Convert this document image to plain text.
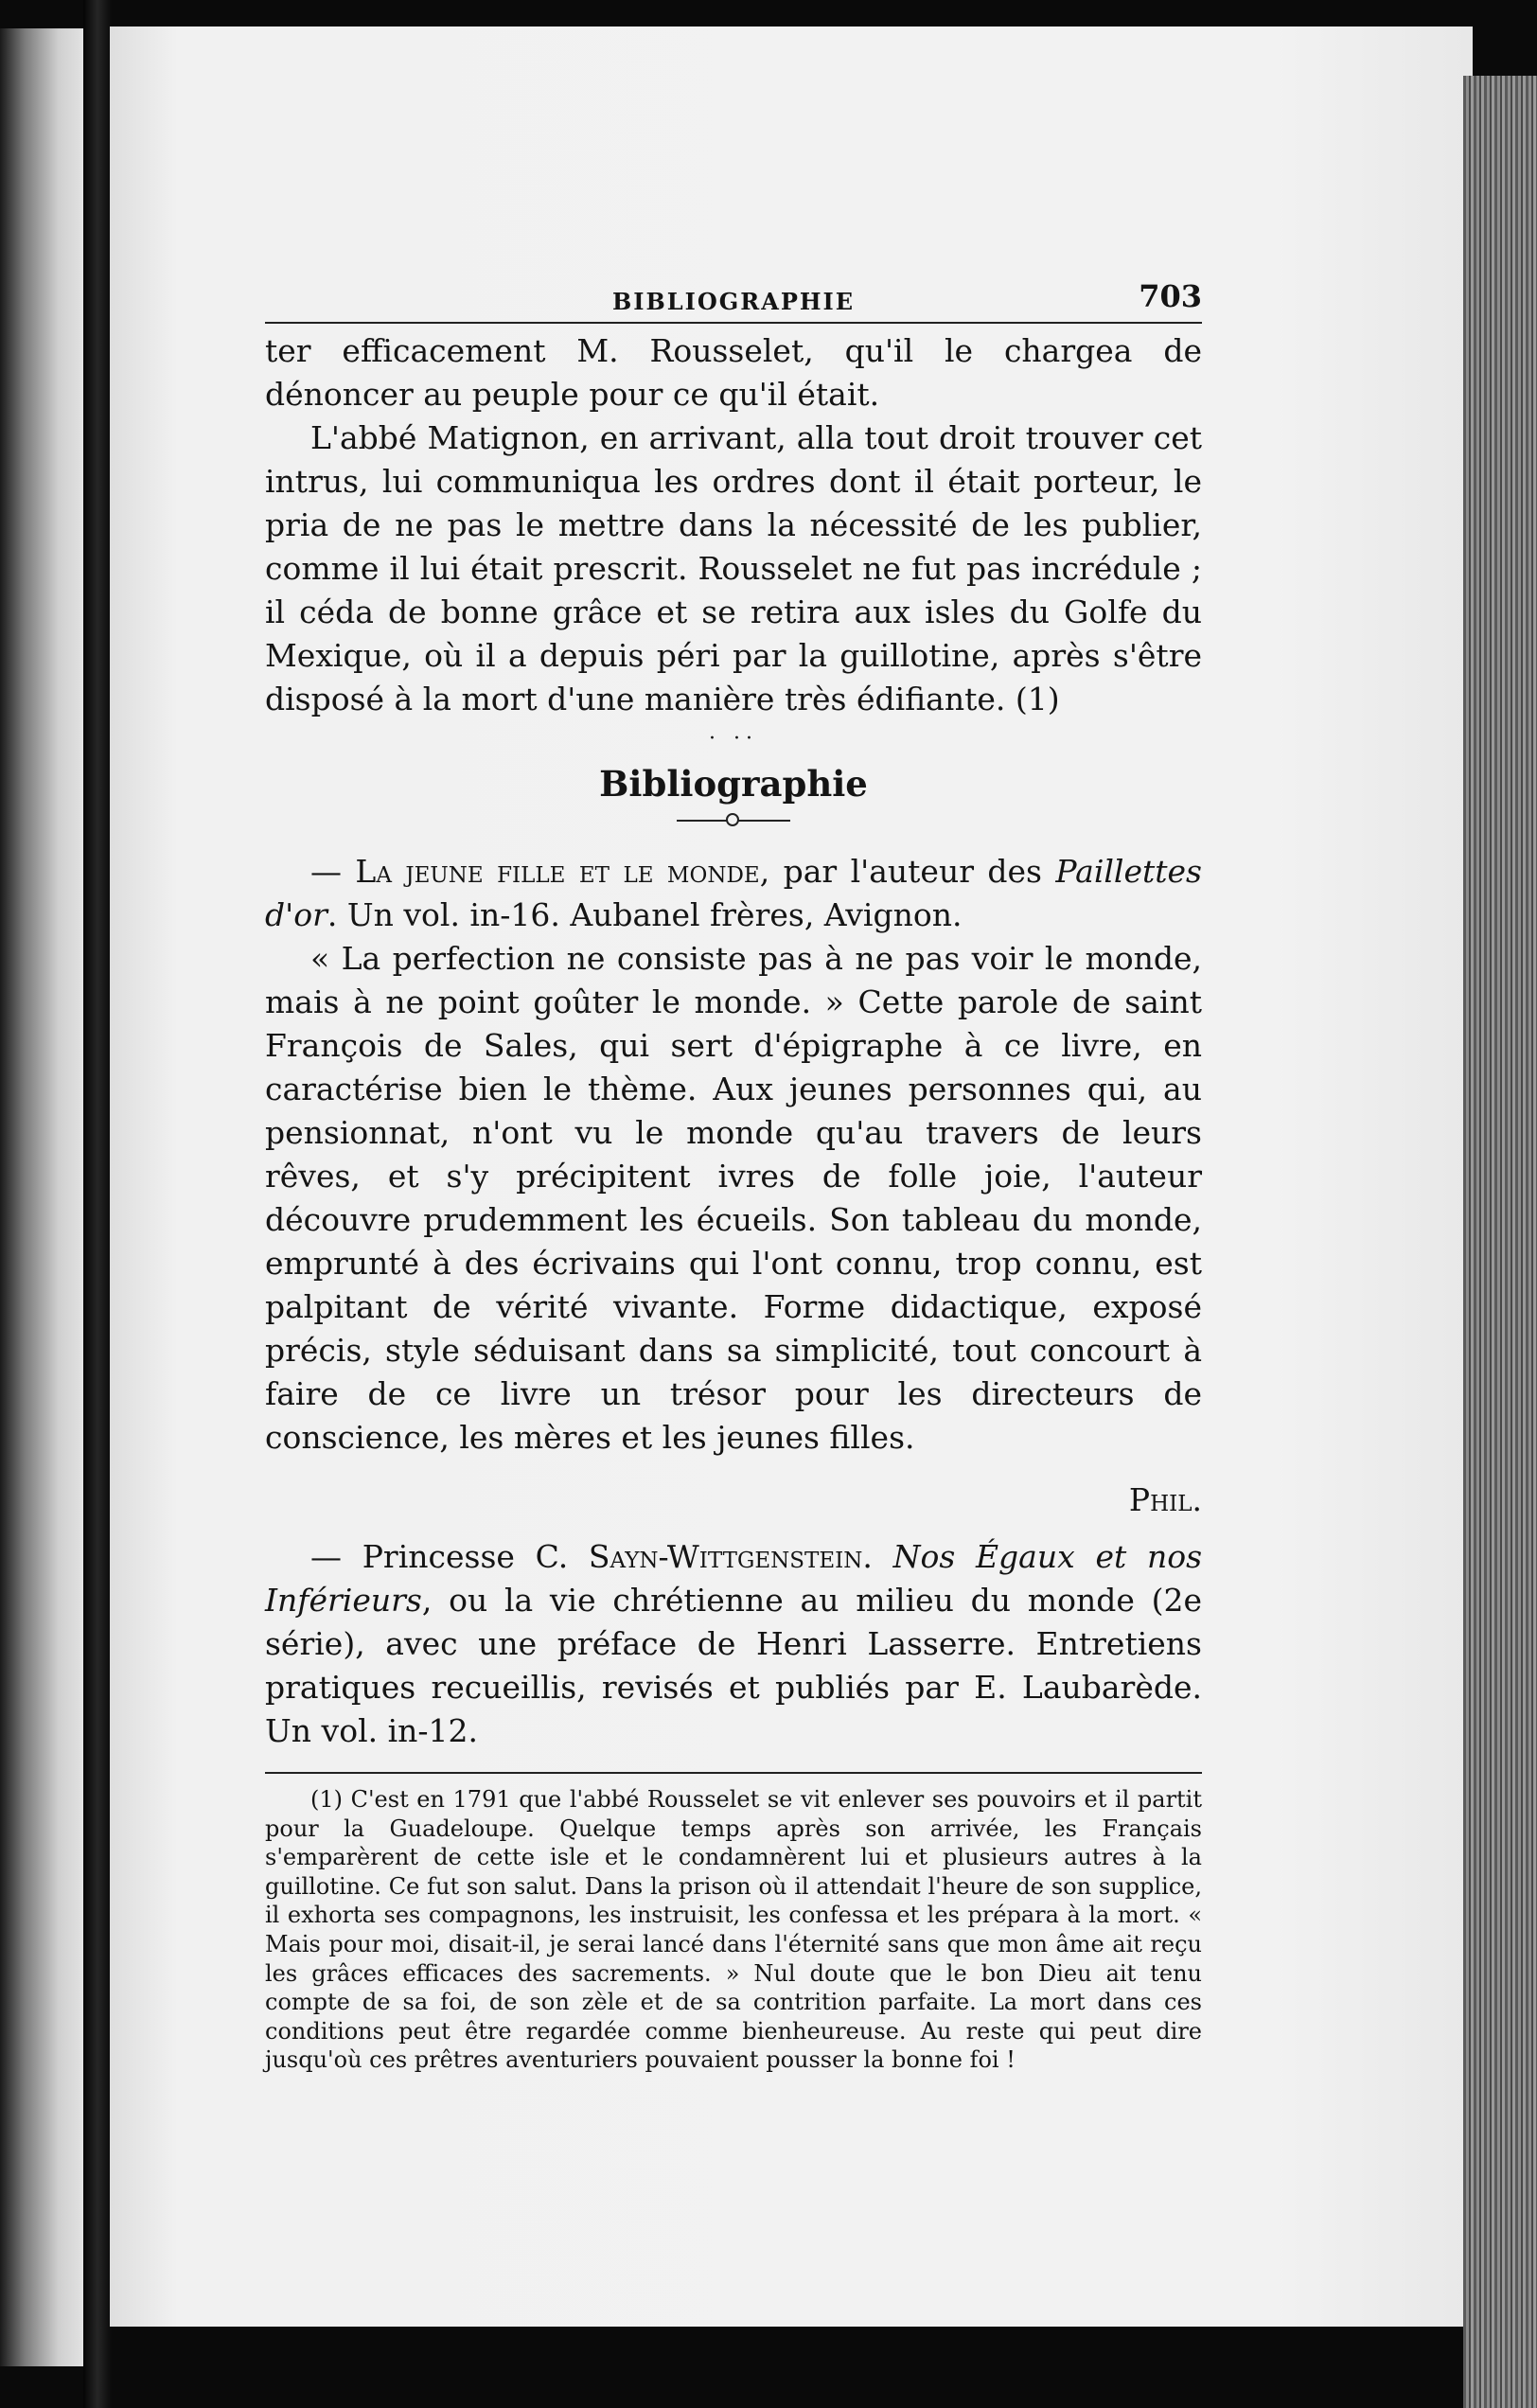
BIBLIOGRAPHIE	703

ter efficacement M. Rousselet, qu'il le chargea de dénoncer au peuple pour ce qu'il était.

L'abbé Matignon, en arrivant, alla tout droit trouver cet intrus, lui communiqua les ordres dont il était porteur, le pria de ne pas le mettre dans la nécessité de les publier, comme il lui était prescrit. Rousselet ne fut pas incrédule ; il céda de bonne grâce et se retira aux isles du Golfe du Mexique, où il a depuis péri par la guillotine, après s'être disposé à la mort d'une manière très édifiante. (1)

· ··
Bibliographie

— La jeune fille et le monde, par l'auteur des Paillettes d'or. Un vol. in-16. Aubanel frères, Avignon.

« La perfection ne consiste pas à ne pas voir le monde, mais à ne point goûter le monde. » Cette parole de saint François de Sales, qui sert d'épigraphe à ce livre, en caractérise bien le thème. Aux jeunes personnes qui, au pensionnat, n'ont vu le monde qu'au travers de leurs rêves, et s'y précipitent ivres de folle joie, l'auteur découvre prudemment les écueils. Son tableau du monde, emprunté à des écrivains qui l'ont connu, trop connu, est palpitant de vérité vivante. Forme didactique, exposé précis, style séduisant dans sa simplicité, tout concourt à faire de ce livre un trésor pour les directeurs de conscience, les mères et les jeunes filles.

Phil.

— Princesse C. Sayn-Wittgenstein. Nos Égaux et nos Inférieurs, ou la vie chrétienne au milieu du monde (2e série), avec une préface de Henri Lasserre. Entretiens pratiques recueillis, revisés et publiés par E. Laubarède. Un vol. in-12.

(1) C'est en 1791 que l'abbé Rousselet se vit enlever ses pouvoirs et il partit pour la Guadeloupe. Quelque temps après son arrivée, les Français s'emparèrent de cette isle et le condamnèrent lui et plusieurs autres à la guillotine. Ce fut son salut. Dans la prison où il attendait l'heure de son supplice, il exhorta ses compagnons, les instruisit, les confessa et les prépara à la mort. « Mais pour moi, disait-il, je serai lancé dans l'éternité sans que mon âme ait reçu les grâces efficaces des sacrements. » Nul doute que le bon Dieu ait tenu compte de sa foi, de son zèle et de sa contrition parfaite. La mort dans ces conditions peut être regardée comme bienheureuse. Au reste qui peut dire jusqu'où ces prêtres aventuriers pouvaient pousser la bonne foi !
